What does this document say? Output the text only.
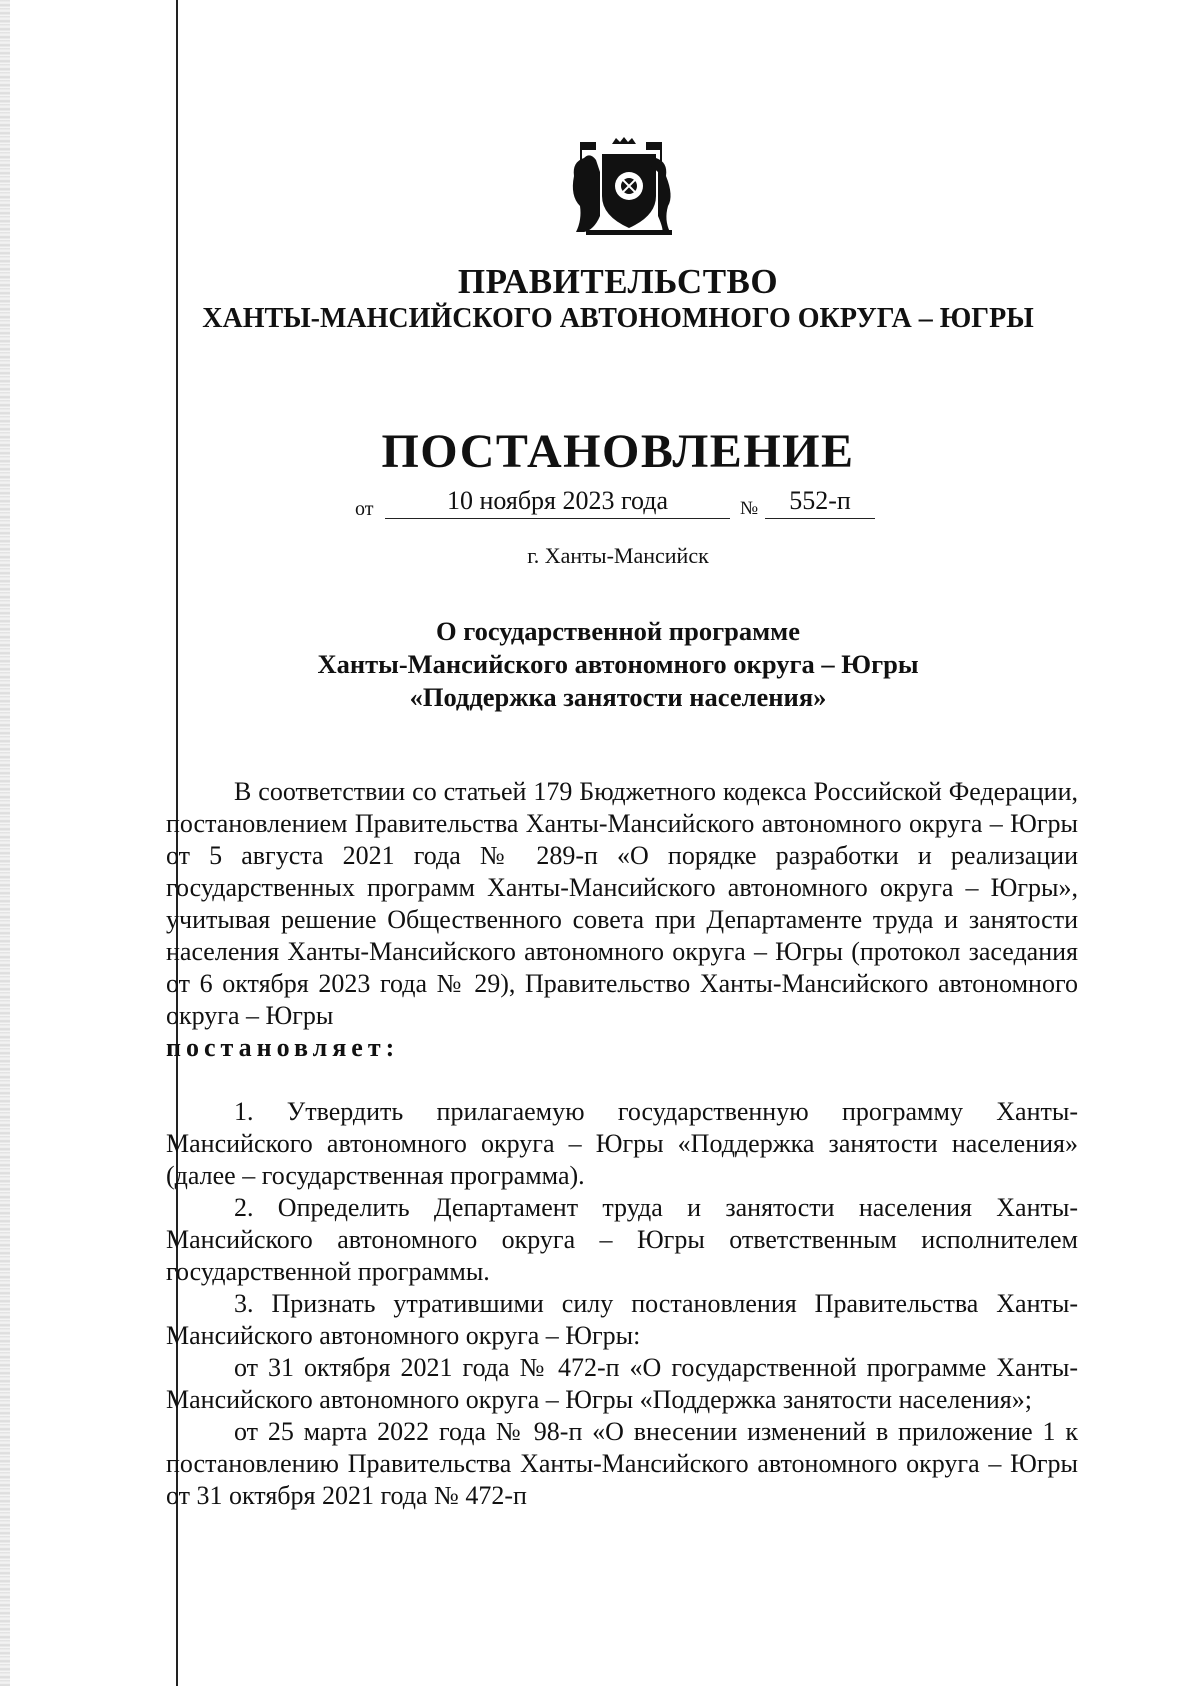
ПРАВИТЕЛЬСТВО
ХАНТЫ-МАНСИЙСКОГО АВТОНОМНОГО ОКРУГА – ЮГРЫ
ПОСТАНОВЛЕНИЕ
от	10 ноября 2023 года	№	552-п
г. Ханты-Мансийск
О государственной программе
Ханты-Мансийского автономного округа – Югры
«Поддержка занятости населения»

В соответствии со статьей 179 Бюджетного кодекса Российской Федерации, постановлением Правительства Ханты-Мансийского автономного округа – Югры от 5 августа 2021 года № 289-п «О порядке разработки и реализации государственных программ Ханты-Мансийского автономного округа – Югры», учитывая решение Общественного совета при Департаменте труда и занятости населения Ханты-Мансийского автономного округа – Югры (протокол заседания от 6 октября 2023 года № 29), Правительство Ханты-Мансийского автономного округа – Югры

постановляет:

1. Утвердить прилагаемую государственную программу Ханты-Мансийского автономного округа – Югры «Поддержка занятости населения» (далее – государственная программа).

2. Определить Департамент труда и занятости населения Ханты-Мансийского автономного округа – Югры ответственным исполнителем государственной программы.

3. Признать утратившими силу постановления Правительства Ханты-Мансийского автономного округа – Югры:

от 31 октября 2021 года № 472-п «О государственной программе Ханты-Мансийского автономного округа – Югры «Поддержка занятости населения»;

от 25 марта 2022 года № 98-п «О внесении изменений в приложение 1 к постановлению Правительства Ханты-Мансийского автономного округа – Югры от 31 октября 2021 года № 472-п
